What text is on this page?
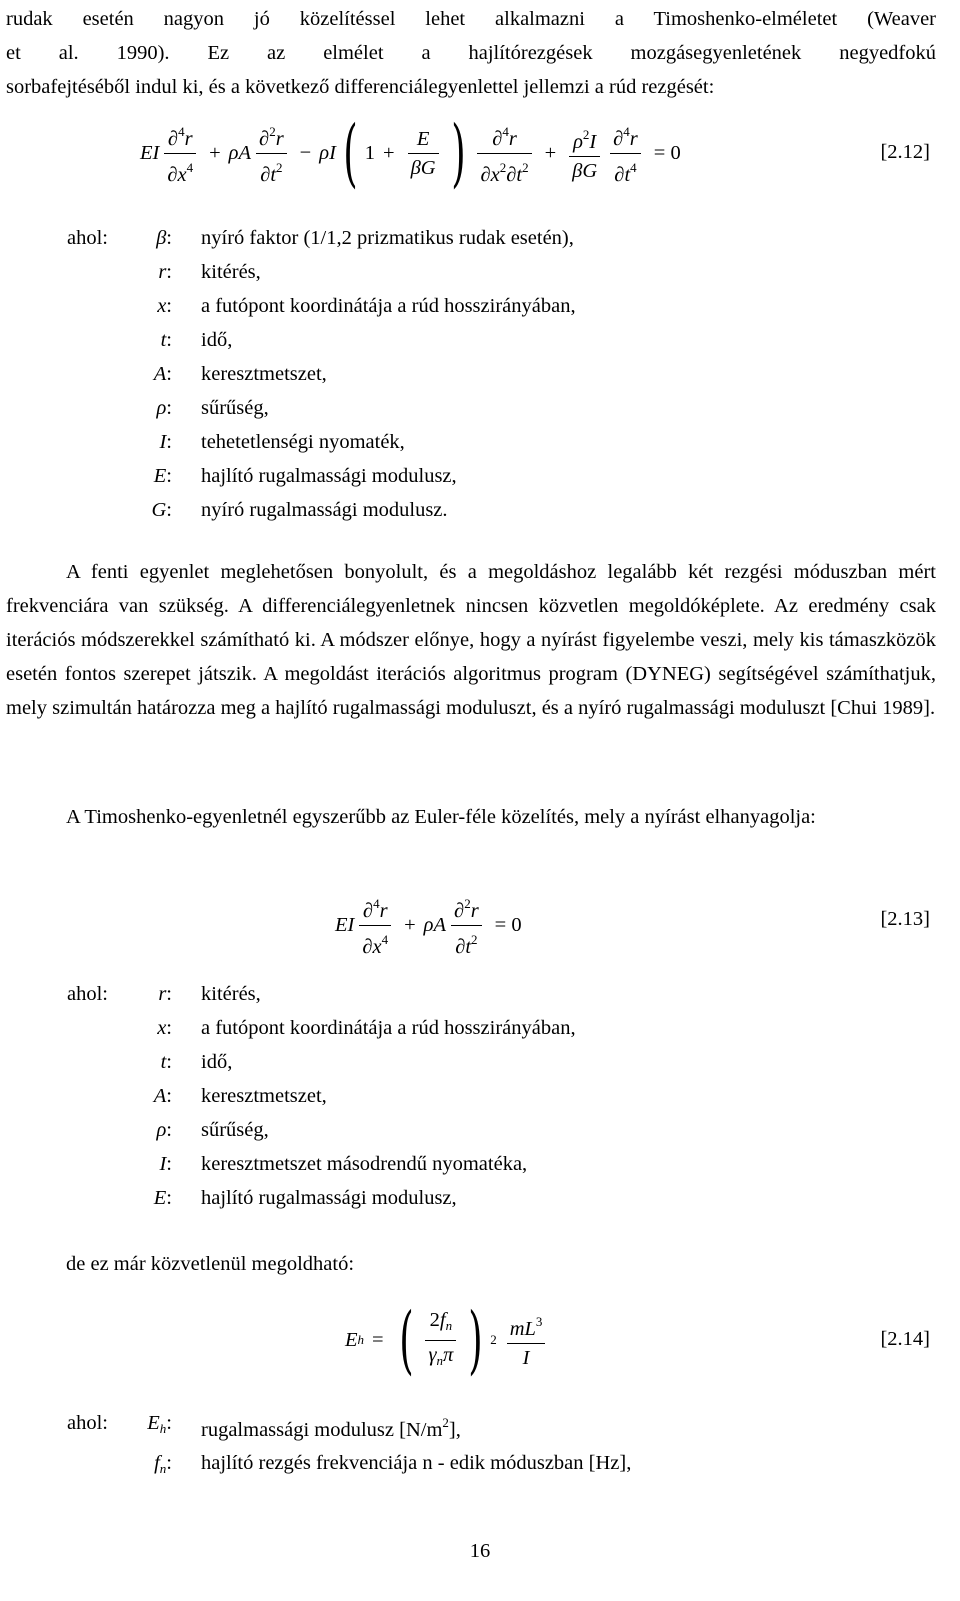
rudak esetén nagyon jó közelítéssel lehet alkalmazni a Timoshenko-elméletet (Weaver
et al. 1990). Ez az elmélet a hajlítórezgések mozgásegyenletének negyedfokú
sorbafejtéséből indul ki, és a következő differenciálegyenlettel jellemzi a rúd rezgését:
EI $\frac{\partial^4r}{\partial x^4} + \rho A \frac{\partial^2r}{\partial t^2} - \rho I$ ( $1 + \frac{E}{\beta G}$ ) $\frac{\partial^4r}{\partial x^2\partial t^2} + \frac{\rho^2I}{\beta G} \frac{\partial^4r}{\partial t^4} = 0$	[2.12]
ahol: β: nyíró faktor (1/1,2 prizmatikus rudak esetén),
r: kitérés,
x: a futópont koordinátája a rúd hosszirányában,
t: idő,
A: keresztmetszet,
ρ: sűrűség,
I: tehetetlenségi nyomaték,
E: hajlító rugalmassági modulusz,
G: nyíró rugalmassági modulusz.
A fenti egyenlet meglehetősen bonyolult, és a megoldáshoz legalább két rezgési móduszban mért frekvenciára van szükség. A differenciálegyenletnek nincsen közvetlen megoldóképlete. Az eredmény csak iterációs módszerekkel számítható ki. A módszer előnye, hogy a nyírást figyelembe veszi, mely kis támaszközök esetén fontos szerepet játszik. A megoldást iterációs algoritmus program (DYNEG) segítségével számíthatjuk, mely szimultán határozza meg a hajlító rugalmassági moduluszt, és a nyíró rugalmassági moduluszt [Chui 1989].
A Timoshenko-egyenletnél egyszerűbb az Euler-féle közelítés, mely a nyírást elhanyagolja:
EI $\frac{\partial^4r}{\partial x^4} + \rho A \frac{\partial^2r}{\partial t^2} = 0$	[2.13]
ahol: r: kitérés,
x: a futópont koordinátája a rúd hosszirányában,
t: idő,
A: keresztmetszet,
ρ: sűrűség,
I: keresztmetszet másodrendű nyomatéka,
E: hajlító rugalmassági modulusz,
de ez már közvetlenül megoldható:
E h = ( $\frac{2f_n}{\gamma_n\pi}$ ) $2 \frac{mL^3}{I}$	[2.14]
ahol: $E_h$: rugalmassági modulusz $[N/m^2]$,
$f_n$: hajlító rezgés frekvenciája n - edik móduszban [Hz],
16
